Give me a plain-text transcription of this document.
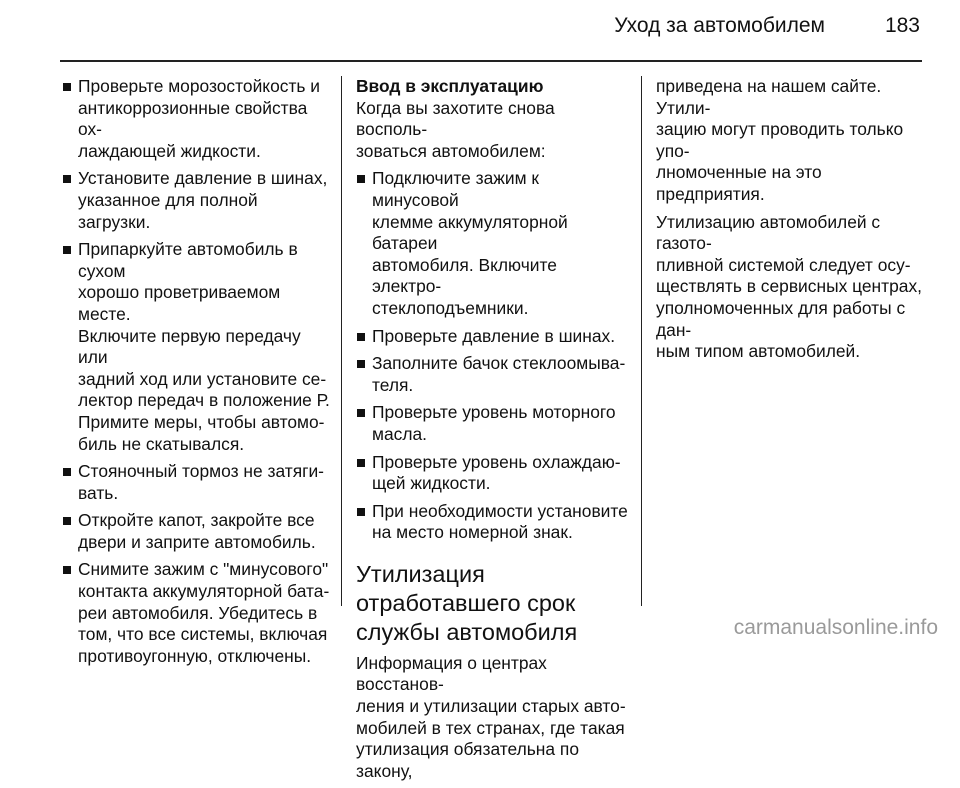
Уход за автомобилем	183
Проверьте морозостойкость и
антикоррозионные свойства ох-
лаждающей жидкости.
Установите давление в шинах,
указанное для полной загрузки.
Припаркуйте автомобиль в сухом
хорошо проветриваемом месте.
Включите первую передачу или
задний ход или установите се-
лектор передач в положение Р.
Примите меры, чтобы автомо-
биль не скатывался.
Стояночный тормоз не затяги-
вать.
Откройте капот, закройте все
двери и заприте автомобиль.
Снимите зажим с "минусового"
контакта аккумуляторной бата-
реи автомобиля. Убедитесь в
том, что все системы, включая
противоугонную, отключены.
Ввод в эксплуатацию

Когда вы захотите снова восполь-
зоваться автомобилем:

Подключите зажим к минусовой
клемме аккумуляторной батареи
автомобиля. Включите электро-
стеклоподъемники.
Проверьте давление в шинах.
Заполните бачок стеклоомыва-
теля.
Проверьте уровень моторного
масла.
Проверьте уровень охлаждаю-
щей жидкости.
При необходимости установите
на место номерной знак.
Утилизация
отработавшего срок
службы автомобиля

Информация о центрах восстанов-
ления и утилизации старых авто-
мобилей в тех странах, где такая
утилизация обязательна по закону,

приведена на нашем сайте. Утили-
зацию могут проводить только упо-
лномоченные на это предприятия.

Утилизацию автомобилей с газото-
пливной системой следует осу-
ществлять в сервисных центрах,
уполномоченных для работы с дан-
ным типом автомобилей.

carmanualsonline.info
